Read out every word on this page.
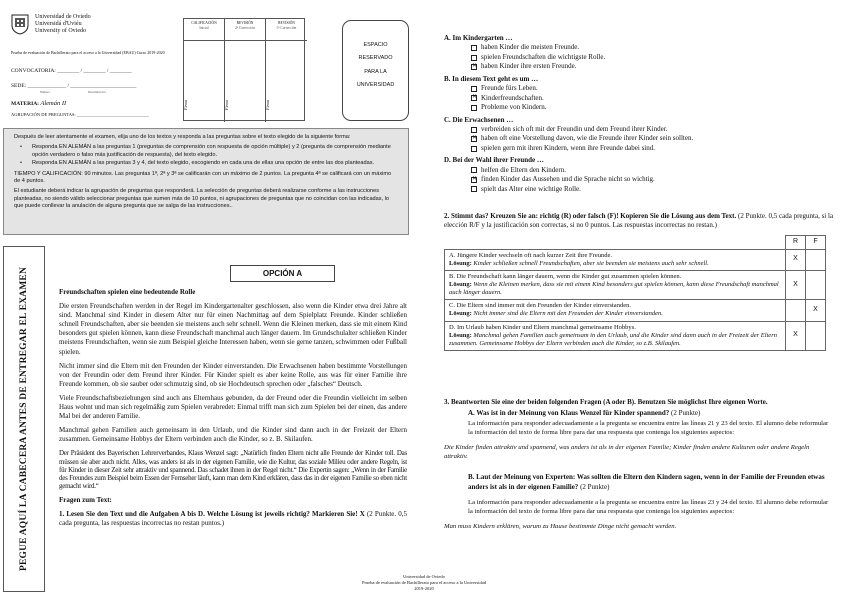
Universidad de Oviedo
Universidá d'Uviéu
University of Oviedo
Prueba de evaluación de Bachillerato para el acceso a la Universidad (EBAU) Curso 2019-2020
CONVOCATORIA: ________ / ________ / ________
SEDE: ______________ / ________________________
Número	Denominación
MATERIA: Alemán II
AGRUPACIÓN DE PREGUNTAS: ________________________________
CALIFICACIÓN
Inicial
Firma
REVISIÓN
2ª Corrección
Firma
REVISIÓN
3ª Corrección
Firma
ESPACIO
RESERVADO
PARA LA
UNIVERSIDAD

Después de leer atentamente el examen, elija uno de los textos y responda a las preguntas sobre el texto elegido de la siguiente forma:

• Responda EN ALEMÁN a las preguntas 1 (preguntas de comprensión con respuesta de opción múltiple) y 2 (pregunta de comprensión mediante opción verdadero o falso más justificación de respuesta), del texto elegido.
• Responda EN ALEMÁN a las preguntas 3 y 4, del texto elegido, escogiendo en cada una de ellas una opción de entre las dos planteadas.

TIEMPO Y CALIFICACIÓN: 90 minutos. Las preguntas 1ª, 2ª y 3ª se calificarán con un máximo de 2 puntos. La pregunta 4ª se calificará con un máximo de 4 puntos.

El estudiante deberá indicar la agrupación de preguntas que responderá. La selección de preguntas deberá realizarse conforme a las instrucciones planteadas, no siendo válido seleccionar preguntas que sumen más de 10 puntos, ni agrupaciones de preguntas que no coincidan con las indicadas, lo que puede conllevar la anulación de alguna pregunta que se salga de las instrucciones..

PEGUE AQUÍ LA CABECERA ANTES DE ENTREGAR EL EXAMEN	OPCIÓN A

Freundschaften spielen eine bedeutende Rolle

Die ersten Freundschaften werden in der Regel im Kindergartenalter geschlossen, also wenn die Kinder etwa drei Jahre alt sind. Manchmal sind Kinder in diesem Alter nur für einen Nachmittag auf dem Spielplatz Freunde. Kinder schließen schnell Freundschaften, aber sie beenden sie meistens auch sehr schnell. Wenn die Kleinen merken, dass sie mit einem Kind besonders gut spielen können, kann diese Freundschaft manchmal auch länger dauern. Im Grundschulalter schließen Kinder meistens Freundschaften, wenn sie zum Beispiel gleiche Interessen haben, wenn sie gerne tanzen, schwimmen oder Fußball spielen.

Nicht immer sind die Eltern mit den Freunden der Kinder einverstanden. Die Erwachsenen haben bestimmte Vorstellungen von der Freundin oder dem Freund ihrer Kinder. Für Kinder spielt es aber keine Rolle, aus was für einer Familie ihre Freunde kommen, ob sie sauber oder schmutzig sind, ob sie Hochdeutsch sprechen oder „falsches“ Deutsch.

Viele Freundschaftsbeziehungen sind auch ans Elternhaus gebunden, da der Freund oder die Freundin vielleicht im selben Haus wohnt und man sich regelmäßig zum Spielen verabredet: Einmal trifft man sich zum Spielen bei der einen, das andere Mal bei der anderen Familie.

Manchmal gehen Familien auch gemeinsam in den Urlaub, und die Kinder sind dann auch in der Freizeit der Eltern zusammen. Gemeinsame Hobbys der Eltern verbinden auch die Kinder, so z. B. Skilaufen.

Der Präsident des Bayerischen Lehrerverbandes, Klaus Wenzel sagt: „Natürlich finden Eltern nicht alle Freunde der Kinder toll. Das müssen sie aber auch nicht. Alles, was anders ist als in der eigenen Familie, wie die Kultur, das soziale Milieu oder andere Regeln, ist für Kinder in dieser Zeit sehr attraktiv und spannend. Das schadet ihnen in der Regel nicht.“ Die Expertin sagen: „Wenn in der Familie des Freundes zum Beispiel beim Essen der Fernseher läuft, kann man dem Kind erklären, dass das in der eigenen Familie so eben nicht gemacht wird.“

Fragen zum Text:

1. Lesen Sie den Text und die Aufgaben A bis D. Welche Lösung ist jeweils richtig? Markieren Sie! X (2 Punkte. 0,5 cada pregunta, las respuestas incorrectas no restan puntos.)

A. Im Kindergarten …
haben Kinder die meisten Freunde.
spielen Freundschaften die wichtigste Rolle.
✕
haben Kinder ihre ersten Freunde.
B. In diesem Text geht es um …
Freunde fürs Leben.
✕
Kinderfreundschaften.
Probleme von Kindern.
C. Die Erwachsenen …
verbreiden sich oft mit der Freundin und dem Freund ihrer Kinder.
✕
haben oft eine Vorstellung davon, wie die Freunde ihrer Kinder sein sollten.
spielen gern mit ihren Kindern, wenn ihre Freunde dabei sind.
D. Bei der Wahl ihrer Freunde …
helfen die Eltern den Kindern.
✕
finden Kinder das Aussehen und die Sprache nicht so wichtig.
spielt das Alter eine wichtige Rolle.
2. Stimmt das? Kreuzen Sie an: richtig (R) oder falsch (F)! Kopieren Sie die Lösung aus dem Text. (2 Punkte. 0,5 cada pregunta, si la elección R/F y la justificación son correctas, si no 0 puntos. Las respuestas incorrectas no restan.)
	R	F

A. Jüngere Kinder wechseln oft nach kurzer Zeit ihre Freunde.
Lösung: Kinder schließen schnell Freundschaften, aber sie beenden sie meistens auch sehr schnell.	X	

B. Die Freundschaft kann länger dauern, wenn die Kinder gut zusammen spielen können.
Lösung: Wenn die Kleinen merken, dass sie mit einem Kind besonders gut spielen können, kann diese Freundschaft manchmal auch länger dauern.	X	

C. Die Eltern sind immer mit den Freunden der Kinder einverstanden.
Lösung: Nicht immer sind die Eltern mit den Freunden der Kinder einverstanden.		X

D. Im Urlaub haben Kinder und Eltern manchmal gemeinsame Hobbys.
Lösung: Manchmal gehen Familien auch gemeinsam in den Urlaub, und die Kinder sind dann auch in der Freizeit der Eltern zusammen. Gemeinsame Hobbys der Eltern verbinden auch die Kinder, so z.B. Skilaufen.	X	
3. Beantworten Sie eine der beiden folgenden Fragen (A oder B). Benutzen Sie möglichst Ihre eigenen Worte.
A. Was ist in der Meinung von Klaus Wenzel für Kinder spannend? (2 Punkte)
La información para responder adecuadamente a la pregunta se encuentra entre las líneas 21 y 23 del texto. El alumno debe reformular la información del texto de forma libre para dar una respuesta que contenga los siguientes aspectos:
Die Kinder finden attraktiv und spannend, was anders ist als in der eigenen Familie; Kinder finden andere Kulturen oder andere Regeln attraktiv.
B. Laut der Meinung von Experten: Was sollten die Eltern den Kindern sagen, wenn in der Familie der Freunden etwas anders ist als in der eigenen Familie? (2 Punkte)
La información para responder adecuadamente a la pregunta se encuentra entre las líneas 23 y 24 del texto. El alumno debe reformular la información del texto de forma libre para dar una respuesta que contenga los siguientes aspectos:
Man muss Kindern erklären, warum zu Hause bestimmte Dinge nicht gemacht werden.
Universidad de Oviedo
Prueba de evaluación de Bachillerato para el acceso a la Universidad
2019-2020
